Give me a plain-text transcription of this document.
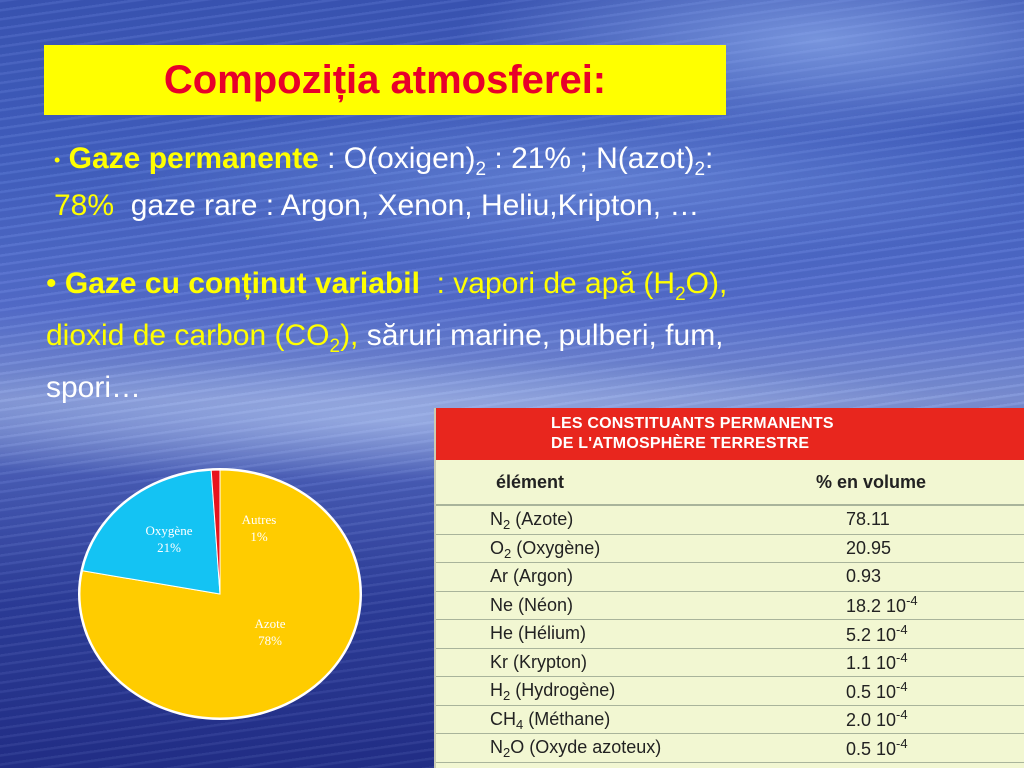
Compoziția atmosferei:
• Gaze permanente : $O(oxigen)_2$ : 21% ; $N(azot)_2$:
78%  gaze rare : Argon, Xenon, Heliu,Kripton, …
• Gaze cu conținut variabil  : vapori de apă $(H_2O)$,
dioxid de carbon $(CO_2)$, săruri marine, pulberi, fum,
spori…
Autres
1%
Oxygène
21%
Azote
78%
LES CONSTITUANTS PERMANENTS
DE L'ATMOSPHÈRE TERRESTRE
élément	% en volume
$N_2$ (Azote)	78.11
$O_2$ (Oxygène)	20.95
Ar (Argon)	0.93
Ne (Néon)	18.2 $10^{-4}$
He (Hélium)	5.2 $10^{-4}$
Kr (Krypton)	1.1 $10^{-4}$
$H_2$ (Hydrogène)	0.5 $10^{-4}$
$CH_4$ (Méthane)	2.0 $10^{-4}$
$N_2O$ (Oxyde azoteux)	0.5 $10^{-4}$
